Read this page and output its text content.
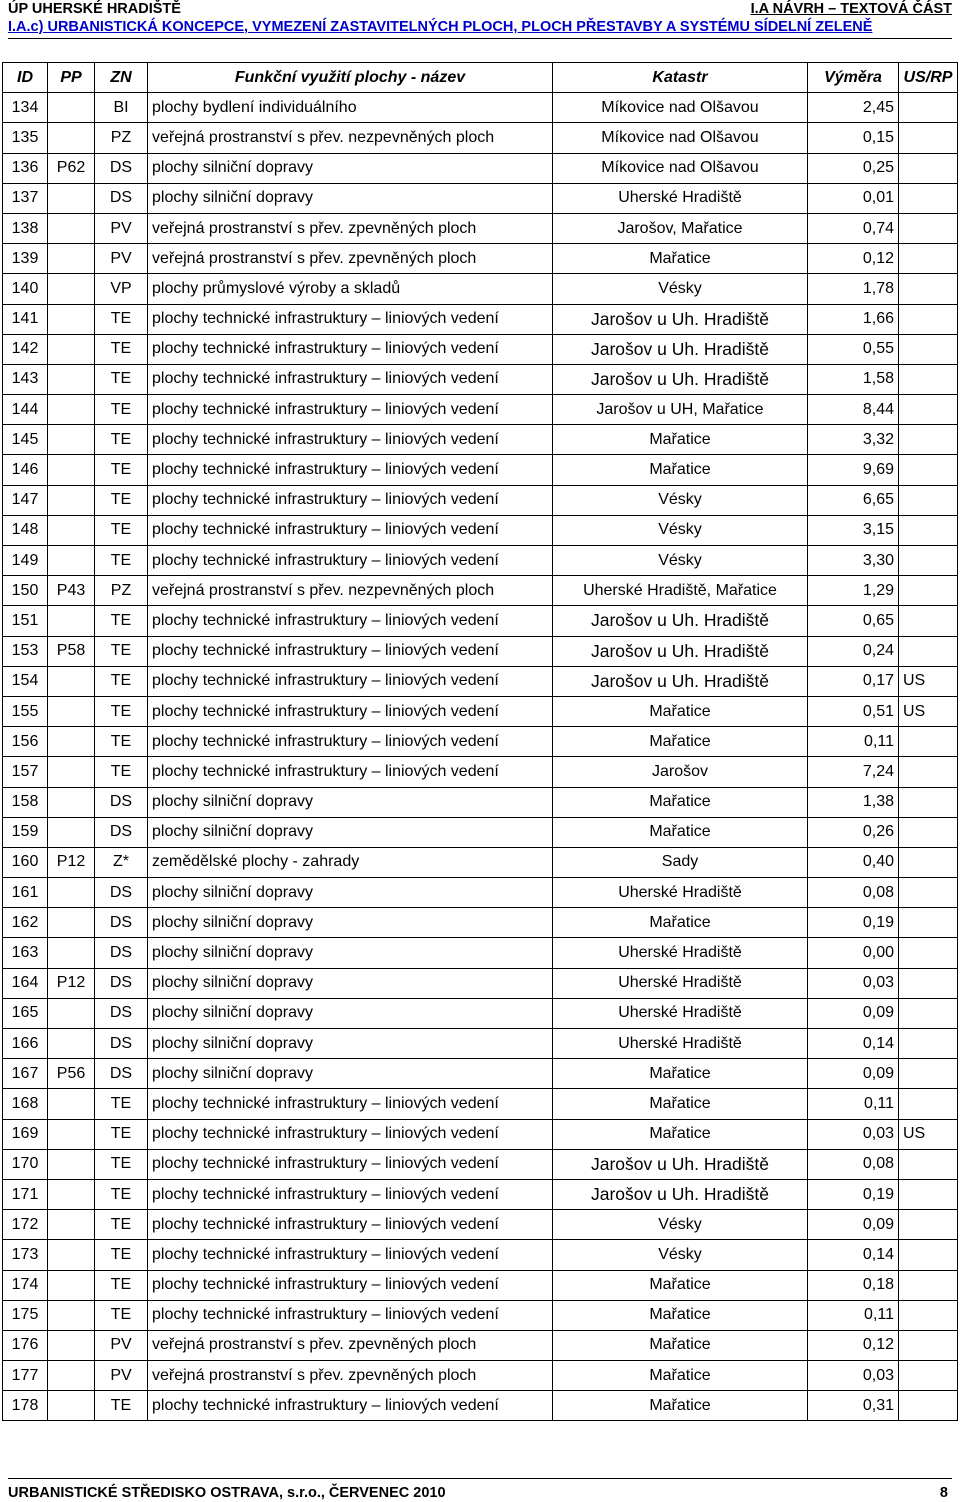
ÚP UHERSKÉ HRADIŠTĚ	I.A NÁVRH – TEXTOVÁ ČÁST
I.A.c) URBANISTICKÁ KONCEPCE, VYMEZENÍ ZASTAVITELNÝCH PLOCH, PLOCH PŘESTAVBY A SYSTÉMU SÍDELNÍ ZELENĚ
ID	PP	ZN	Funkční využití plochy - název	Katastr	Výměra	US/RP
134		BI	plochy bydlení individuálního	Míkovice nad Olšavou	2,45	
135		PZ	veřejná prostranství s přev. nezpevněných ploch	Míkovice nad Olšavou	0,15	
136	P62	DS	plochy silniční dopravy	Míkovice nad Olšavou	0,25	
137		DS	plochy silniční dopravy	Uherské Hradiště	0,01	
138		PV	veřejná prostranství s přev. zpevněných ploch	Jarošov, Mařatice	0,74	
139		PV	veřejná prostranství s přev. zpevněných ploch	Mařatice	0,12	
140		VP	plochy průmyslové výroby a skladů	Vésky	1,78	
141		TE	plochy technické infrastruktury – liniových vedení	Jarošov u Uh. Hradiště	1,66	
142		TE	plochy technické infrastruktury – liniových vedení	Jarošov u Uh. Hradiště	0,55	
143		TE	plochy technické infrastruktury – liniových vedení	Jarošov u Uh. Hradiště	1,58	
144		TE	plochy technické infrastruktury – liniových vedení	Jarošov u UH, Mařatice	8,44	
145		TE	plochy technické infrastruktury – liniových vedení	Mařatice	3,32	
146		TE	plochy technické infrastruktury – liniových vedení	Mařatice	9,69	
147		TE	plochy technické infrastruktury – liniových vedení	Vésky	6,65	
148		TE	plochy technické infrastruktury – liniových vedení	Vésky	3,15	
149		TE	plochy technické infrastruktury – liniových vedení	Vésky	3,30	
150	P43	PZ	veřejná prostranství s přev. nezpevněných ploch	Uherské Hradiště, Mařatice	1,29	
151		TE	plochy technické infrastruktury – liniových vedení	Jarošov u Uh. Hradiště	0,65	
153	P58	TE	plochy technické infrastruktury – liniových vedení	Jarošov u Uh. Hradiště	0,24	
154		TE	plochy technické infrastruktury – liniových vedení	Jarošov u Uh. Hradiště	0,17	US
155		TE	plochy technické infrastruktury – liniových vedení	Mařatice	0,51	US
156		TE	plochy technické infrastruktury – liniových vedení	Mařatice	0,11	
157		TE	plochy technické infrastruktury – liniových vedení	Jarošov	7,24	
158		DS	plochy silniční dopravy	Mařatice	1,38	
159		DS	plochy silniční dopravy	Mařatice	0,26	
160	P12	Z*	zemědělské plochy - zahrady	Sady	0,40	
161		DS	plochy silniční dopravy	Uherské Hradiště	0,08	
162		DS	plochy silniční dopravy	Mařatice	0,19	
163		DS	plochy silniční dopravy	Uherské Hradiště	0,00	
164	P12	DS	plochy silniční dopravy	Uherské Hradiště	0,03	
165		DS	plochy silniční dopravy	Uherské Hradiště	0,09	
166		DS	plochy silniční dopravy	Uherské Hradiště	0,14	
167	P56	DS	plochy silniční dopravy	Mařatice	0,09	
168		TE	plochy technické infrastruktury – liniových vedení	Mařatice	0,11	
169		TE	plochy technické infrastruktury – liniových vedení	Mařatice	0,03	US
170		TE	plochy technické infrastruktury – liniových vedení	Jarošov u Uh. Hradiště	0,08	
171		TE	plochy technické infrastruktury – liniových vedení	Jarošov u Uh. Hradiště	0,19	
172		TE	plochy technické infrastruktury – liniových vedení	Vésky	0,09	
173		TE	plochy technické infrastruktury – liniových vedení	Vésky	0,14	
174		TE	plochy technické infrastruktury – liniových vedení	Mařatice	0,18	
175		TE	plochy technické infrastruktury – liniových vedení	Mařatice	0,11	
176		PV	veřejná prostranství s přev. zpevněných ploch	Mařatice	0,12	
177		PV	veřejná prostranství s přev. zpevněných ploch	Mařatice	0,03	
178		TE	plochy technické infrastruktury – liniových vedení	Mařatice	0,31	
URBANISTICKÉ STŘEDISKO OSTRAVA, s.r.o., ČERVENEC 2010	8
